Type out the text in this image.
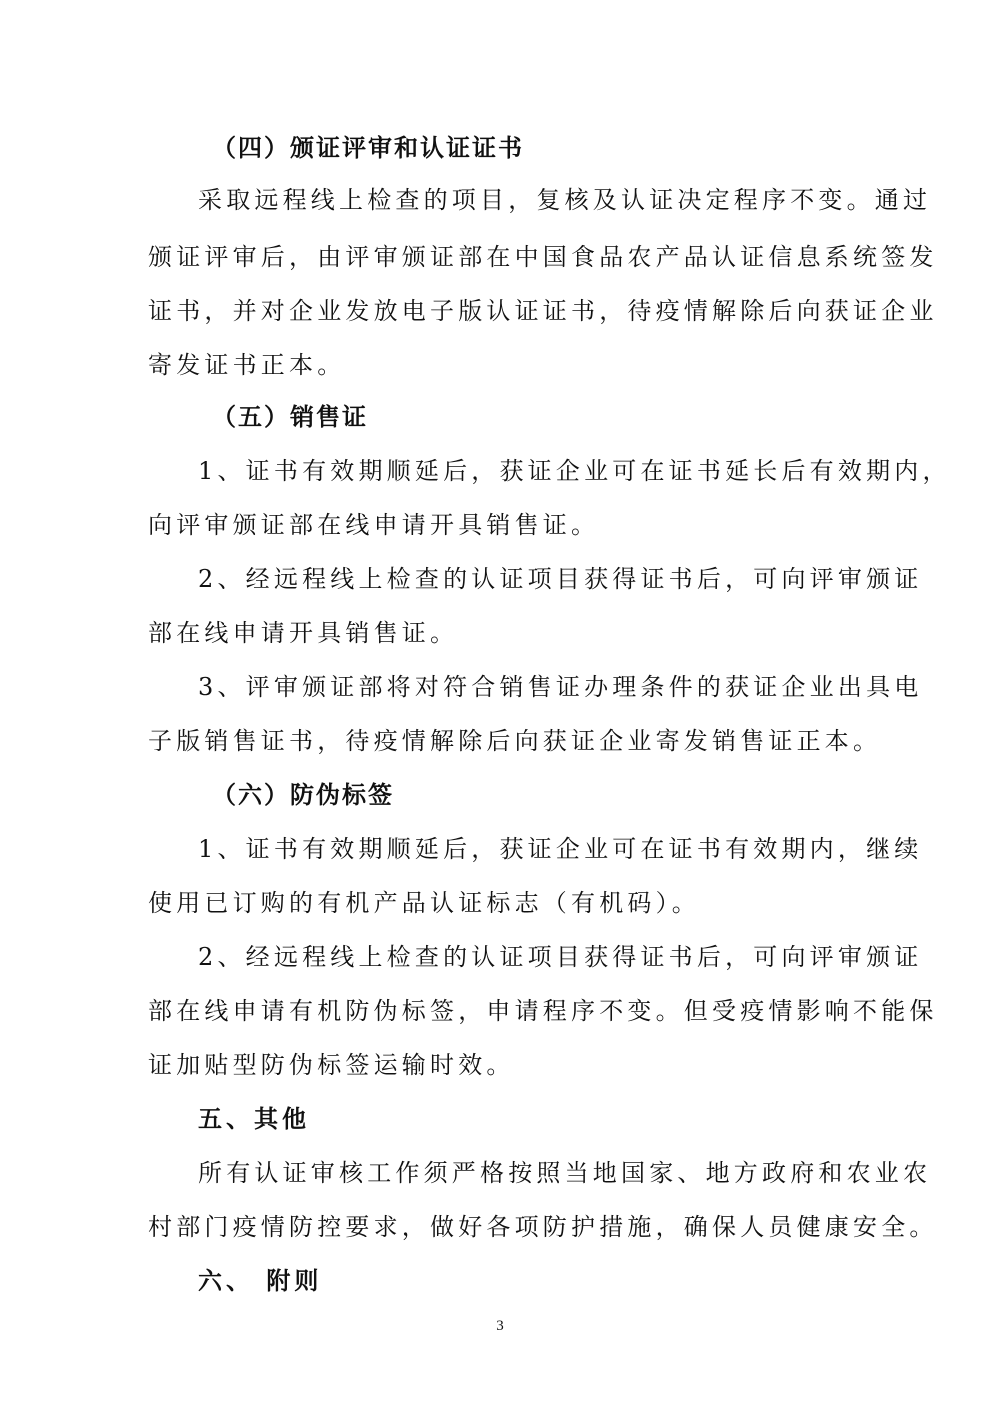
（四）颁证评审和认证证书
采取远程线上检查的项目，复核及认证决定程序不变。通过
颁证评审后，由评审颁证部在中国食品农产品认证信息系统签发
证书，并对企业发放电子版认证证书，待疫情解除后向获证企业
寄发证书正本。
（五）销售证
1、证书有效期顺延后，获证企业可在证书延长后有效期内，
向评审颁证部在线申请开具销售证。
2、经远程线上检查的认证项目获得证书后，可向评审颁证
部在线申请开具销售证。
3、评审颁证部将对符合销售证办理条件的获证企业出具电
子版销售证书，待疫情解除后向获证企业寄发销售证正本。
（六）防伪标签
1、证书有效期顺延后，获证企业可在证书有效期内，继续
使用已订购的有机产品认证标志（有机码）。
2、经远程线上检查的认证项目获得证书后，可向评审颁证
部在线申请有机防伪标签，申请程序不变。但受疫情影响不能保
证加贴型防伪标签运输时效。
五、其他
所有认证审核工作须严格按照当地国家、地方政府和农业农
村部门疫情防控要求，做好各项防护措施，确保人员健康安全。
六、 附则
3
